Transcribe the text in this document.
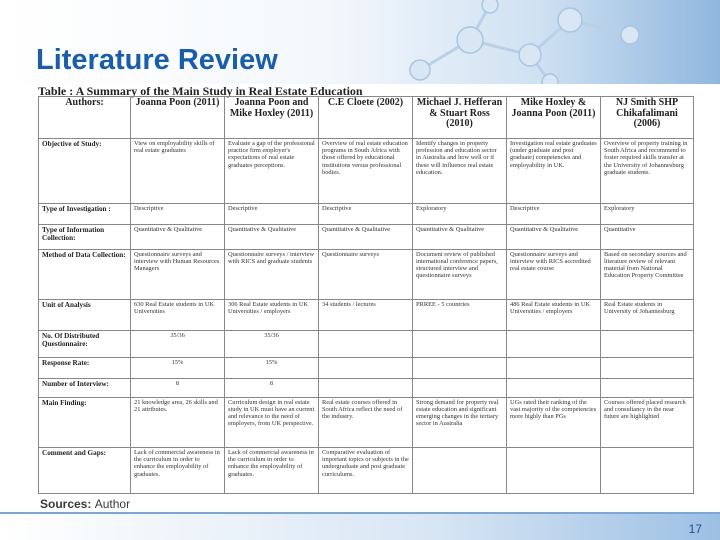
Literature Review
Table : A Summary of the Main Study in Real Estate Education
Authors:	Joanna Poon (2011)	Joanna Poon and Mike Hoxley (2011)	C.E Cloete (2002)	Michael J. Hefferan & Stuart Ross (2010)	Mike Hoxley & Joanna Poon (2011)	NJ Smith SHP Chikafalimani (2006)
Objective of Study:	View on employability skills of real estate graduates	Evaluate a gap of the professional practice firm employer's expectations of real estate graduates perceptions.	Overview of real estate education programs in South Africa with those offered by educational institutions versus professional bodies.	Identify changes in property profession and education sector in Australia and how well or if these will influence real estate education.	Investigation real estate graduates (under graduate and post graduate) competencies and employability in UK.	Overview of property training in South Africa and recommend to foster required skills transfer at the University of Johannesburg graduate students.
Type of Investigation :	Descriptive	Descriptive	Descriptive	Exploratory	Descriptive	Exploratory
Type of Information Collection:	Quantitative & Qualitative	Quantitative & Qualitative	Quantitative & Qualitative	Quantitative & Qualitative	Quantitative & Qualitative	Quantitative
Method of Data Collection:	Questionnaire surveys and interview with Human Resources Managers	Questionnaire surveys / interview with RICS and graduate students	Questionnaire surveys	Document review of published international conference papers, structured interview and questionnaire surveys	Questionnaire surveys and interview with RICS accredited real estate course	Based on secondary sources and literature review of relevant material from National Education Property Committee
Unit of Analysis	630 Real Estate students in UK Universities	306 Real Estate students in UK Universities / employers	34 students / lectures	PRREE - 5 countries	486 Real Estate students in UK Universities / employers	Real Estate students in University of Johannesburg
No. Of Distributed Questionnaire:	35/36	35/36				
Response Rate:	15%	15%				
Number of Interview:	8	8				
Main Finding:	21 knowledge area, 26 skills and 21 attributes.	Curriculum design in real estate study in UK must have an current and relevance to the need of employers, from UK perspective.	Real estate courses offered in South Africa reflect the need of the industry.	Strong demand for property real estate education and significant emerging changes in the tertiary sector in Australia	UGs rated their ranking of the vast majority of the competencies more highly than PGs	Courses offered placed research and consultancy in the near future are highlighted
Comment and Gaps:	Lack of commercial awareness in the curriculum in order to enhance the employability of graduates.	Lack of commercial awareness in the curriculum in order to enhance the employability of graduates.	Comparative evaluation of important topics or subjects in the undergraduate and post graduate curriculums.			
Sources: Author
17
